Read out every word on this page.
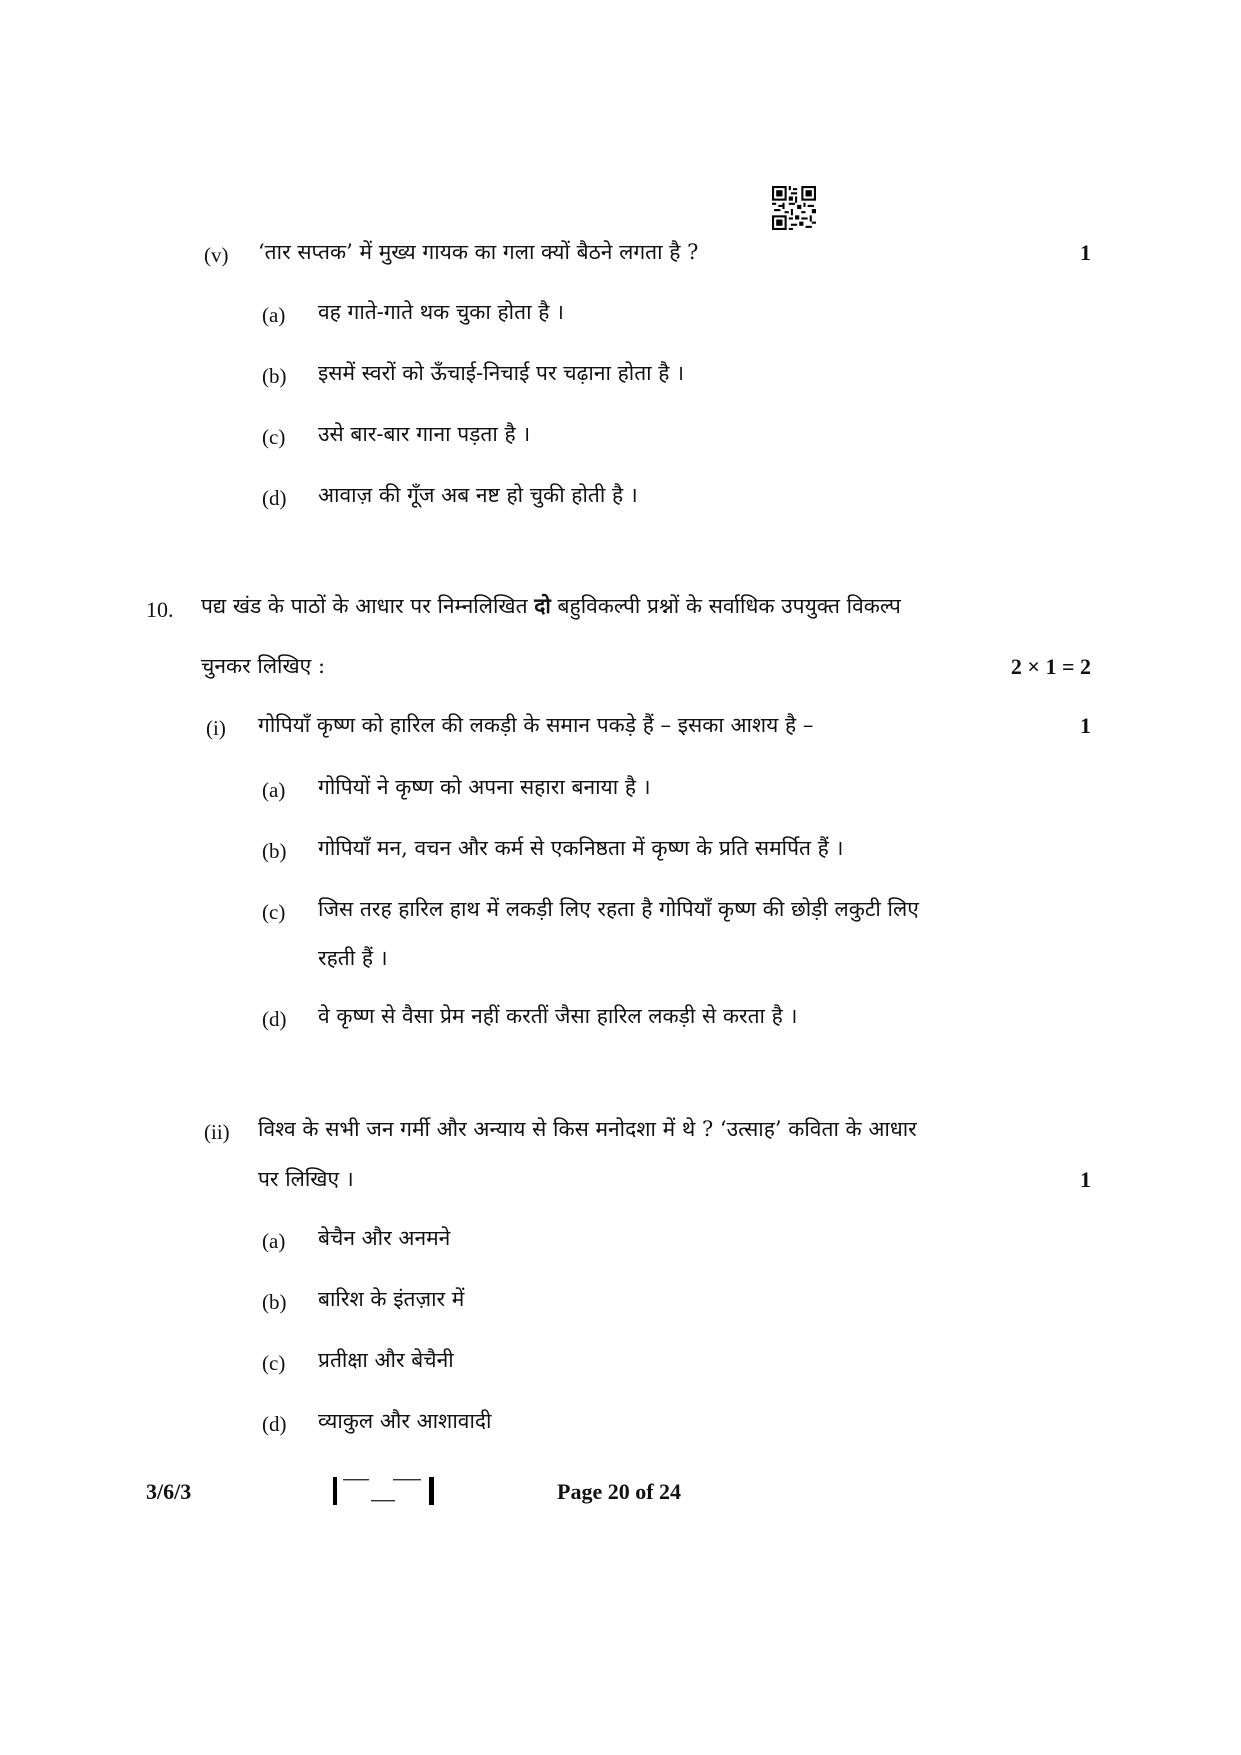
(v) ‘तार सप्तक’ में मुख्य गायक का गला क्यों बैठने लगता है ?	1
(a) वह गाते-गाते थक चुका होता है ।
(b) इसमें स्वरों को ऊँचाई-निचाई पर चढ़ाना होता है ।
(c) उसे बार-बार गाना पड़ता है ।
(d) आवाज़ की गूँज अब नष्ट हो चुकी होती है ।
10. पद्य खंड के पाठों के आधार पर निम्नलिखित दो बहुविकल्पी प्रश्नों के सर्वाधिक उपयुक्त विकल्प
चुनकर लिखिए :	2 × 1 = 2
(i) गोपियाँ कृष्ण को हारिल की लकड़ी के समान पकड़े हैं – इसका आशय है –	1
(a) गोपियों ने कृष्ण को अपना सहारा बनाया है ।
(b) गोपियाँ मन, वचन और कर्म से एकनिष्ठता में कृष्ण के प्रति समर्पित हैं ।
(c) जिस तरह हारिल हाथ में लकड़ी लिए रहता है गोपियाँ कृष्ण की छोड़ी लकुटी लिए
रहती हैं ।
(d) वे कृष्ण से वैसा प्रेम नहीं करतीं जैसा हारिल लकड़ी से करता है ।
(ii) विश्व के सभी जन गर्मी और अन्याय से किस मनोदशा में थे ? ‘उत्साह’ कविता के आधार
पर लिखिए ।	1
(a) बेचैन और अनमने
(b) बारिश के इंतज़ार में
(c) प्रतीक्षा और बेचैनी
(d) व्याकुल और आशावादी
3/6/3	Page 20 of 24
